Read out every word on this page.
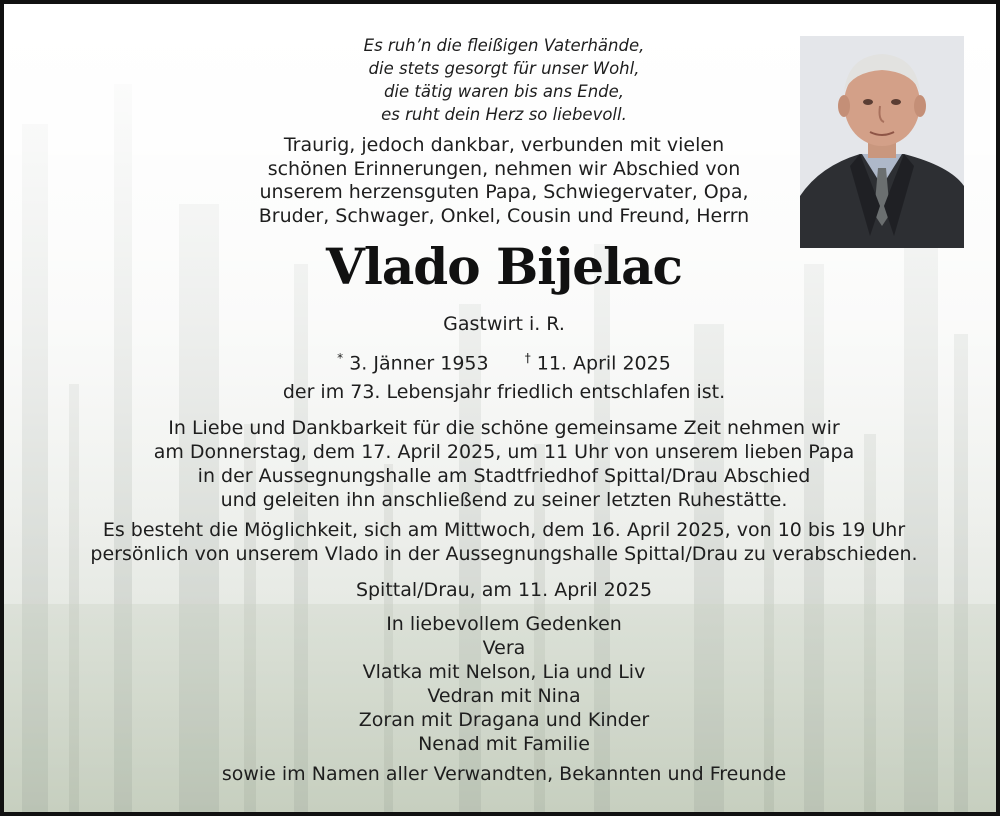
Es ruh’n die fleißigen Vaterhände,
die stets gesorgt für unser Wohl,
die tätig waren bis ans Ende,
es ruht dein Herz so liebevoll.
Traurig, jedoch dankbar, verbunden mit vielen
schönen Erinnerungen, nehmen wir Abschied von
unserem herzensguten Papa, Schwiegervater, Opa,
Bruder, Schwager, Onkel, Cousin und Freund, Herrn
Vlado Bijelac
Gastwirt i. R.
* 3. Jänner 1953	† 11. April 2025
der im 73. Lebensjahr friedlich entschlafen ist.
In Liebe und Dankbarkeit für die schöne gemeinsame Zeit nehmen wir
am Donnerstag, dem 17. April 2025, um 11 Uhr von unserem lieben Papa
in der Aussegnungshalle am Stadtfriedhof Spittal/Drau Abschied
und geleiten ihn anschließend zu seiner letzten Ruhestätte.
Es besteht die Möglichkeit, sich am Mittwoch, dem 16. April 2025, von 10 bis 19 Uhr
persönlich von unserem Vlado in der Aussegnungshalle Spittal/Drau zu verabschieden.
Spittal/Drau, am 11. April 2025
In liebevollem Gedenken
Vera
Vlatka mit Nelson, Lia und Liv
Vedran mit Nina
Zoran mit Dragana und Kinder
Nenad mit Familie
sowie im Namen aller Verwandten, Bekannten und Freunde
